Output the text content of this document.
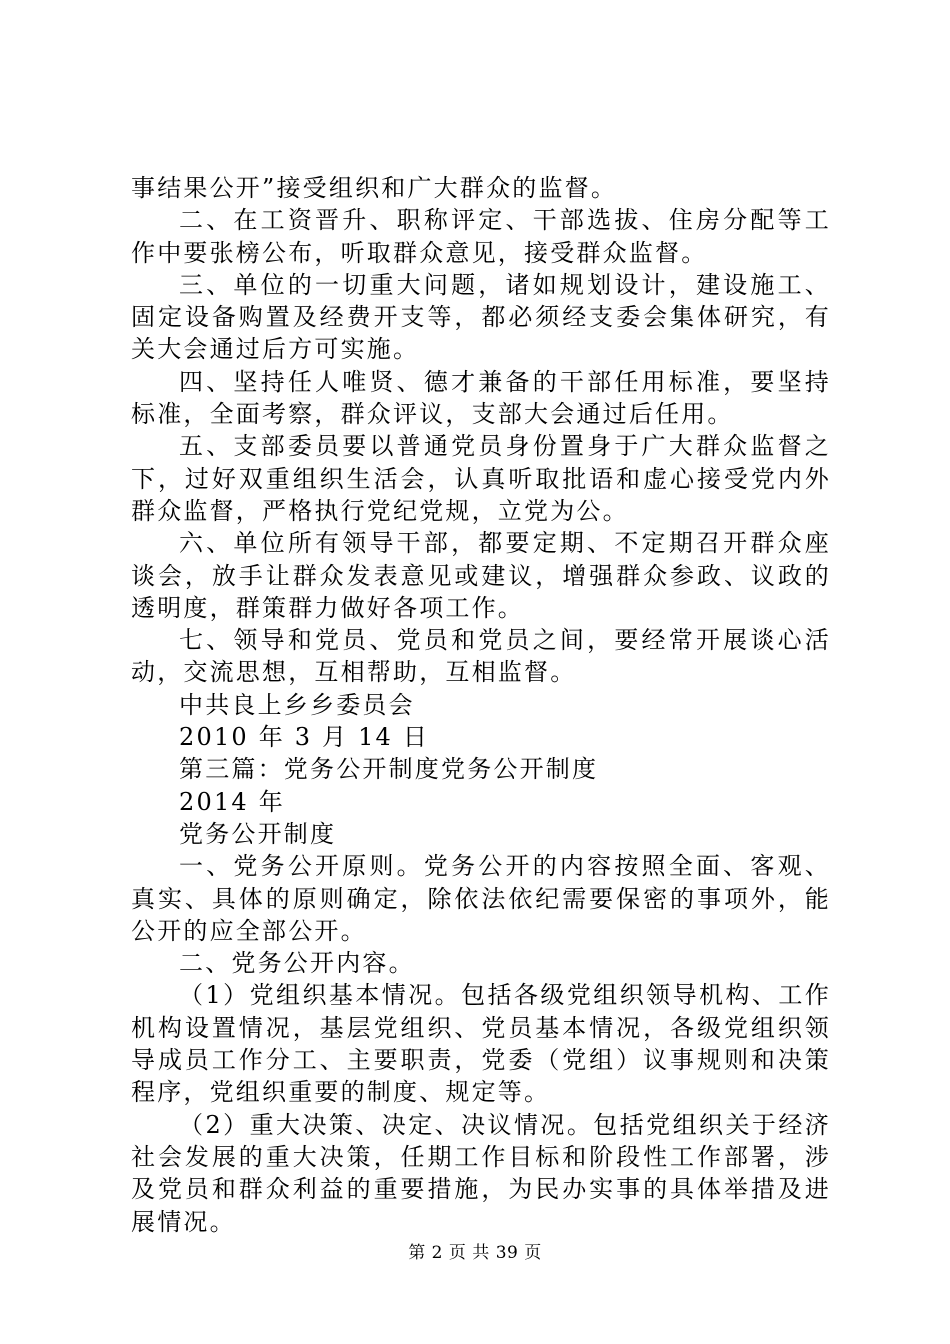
事结果公开”接受组织和广大群众的监督。

二、在工资晋升、职称评定、干部选拔、住房分配等工作中要张榜公布，听取群众意见，接受群众监督。

三、单位的一切重大问题，诸如规划设计，建设施工、固定设备购置及经费开支等，都必须经支委会集体研究，有关大会通过后方可实施。

四、坚持任人唯贤、德才兼备的干部任用标准，要坚持标准，全面考察，群众评议，支部大会通过后任用。

五、支部委员要以普通党员身份置身于广大群众监督之下，过好双重组织生活会，认真听取批语和虚心接受党内外群众监督，严格执行党纪党规，立党为公。

六、单位所有领导干部，都要定期、不定期召开群众座谈会，放手让群众发表意见或建议，增强群众参政、议政的透明度，群策群力做好各项工作。

七、领导和党员、党员和党员之间，要经常开展谈心活动，交流思想，互相帮助，互相监督。

中共良上乡乡委员会

2010 年 3 月 14 日

第三篇：党务公开制度党务公开制度

2014 年

党务公开制度

一、党务公开原则。党务公开的内容按照全面、客观、真实、具体的原则确定，除依法依纪需要保密的事项外，能公开的应全部公开。

二、党务公开内容。

（1）党组织基本情况。包括各级党组织领导机构、工作机构设置情况，基层党组织、党员基本情况，各级党组织领导成员工作分工、主要职责，党委（党组）议事规则和决策程序，党组织重要的制度、规定等。

（2）重大决策、决定、决议情况。包括党组织关于经济社会发展的重大决策，任期工作目标和阶段性工作部署，涉及党员和群众利益的重要措施，为民办实事的具体举措及进展情况。

第 2 页 共 39 页
